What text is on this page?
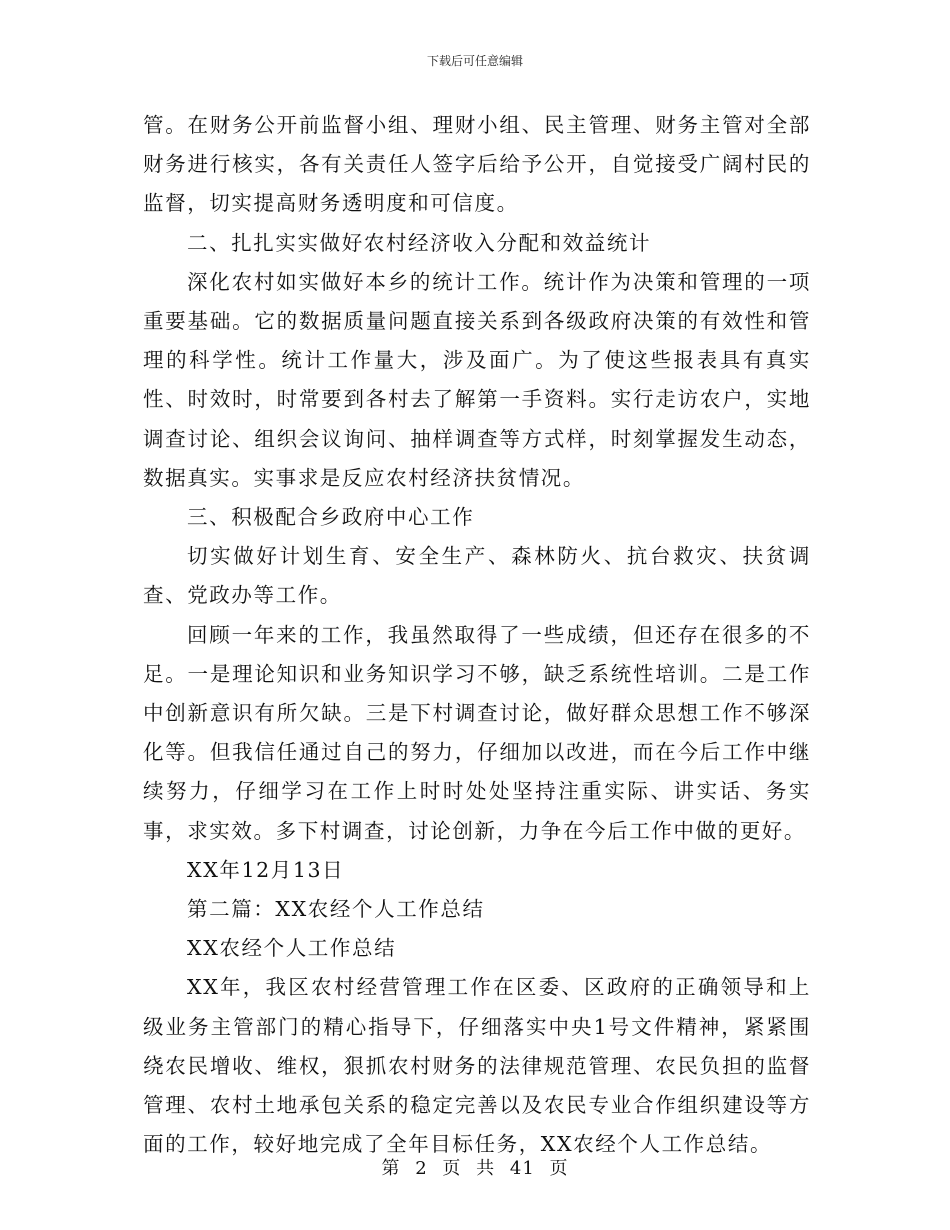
下载后可任意编辑

管。在财务公开前监督小组、理财小组、民主管理、财务主管对全部财务进行核实，各有关责任人签字后给予公开，自觉接受广阔村民的监督，切实提高财务透明度和可信度。

二、扎扎实实做好农村经济收入分配和效益统计

深化农村如实做好本乡的统计工作。统计作为决策和管理的一项重要基础。它的数据质量问题直接关系到各级政府决策的有效性和管理的科学性。统计工作量大，涉及面广。为了使这些报表具有真实性、时效时，时常要到各村去了解第一手资料。实行走访农户，实地调查讨论、组织会议询问、抽样调查等方式样，时刻掌握发生动态，数据真实。实事求是反应农村经济扶贫情况。

三、积极配合乡政府中心工作

切实做好计划生育、安全生产、森林防火、抗台救灾、扶贫调查、党政办等工作。

回顾一年来的工作，我虽然取得了一些成绩，但还存在很多的不足。一是理论知识和业务知识学习不够，缺乏系统性培训。二是工作中创新意识有所欠缺。三是下村调查讨论，做好群众思想工作不够深化等。但我信任通过自己的努力，仔细加以改进，而在今后工作中继续努力，仔细学习在工作上时时处处坚持注重实际、讲实话、务实事，求实效。多下村调查，讨论创新，力争在今后工作中做的更好。

XX年12月13日

第二篇：XX农经个人工作总结

XX农经个人工作总结

XX年，我区农村经营管理工作在区委、区政府的正确领导和上级业务主管部门的精心指导下，仔细落实中央1号文件精神，紧紧围绕农民增收、维权，狠抓农村财务的法律规范管理、农民负担的监督管理、农村土地承包关系的稳定完善以及农民专业合作组织建设等方面的工作，较好地完成了全年目标任务，XX农经个人工作总结。

第 2 页 共 41 页
